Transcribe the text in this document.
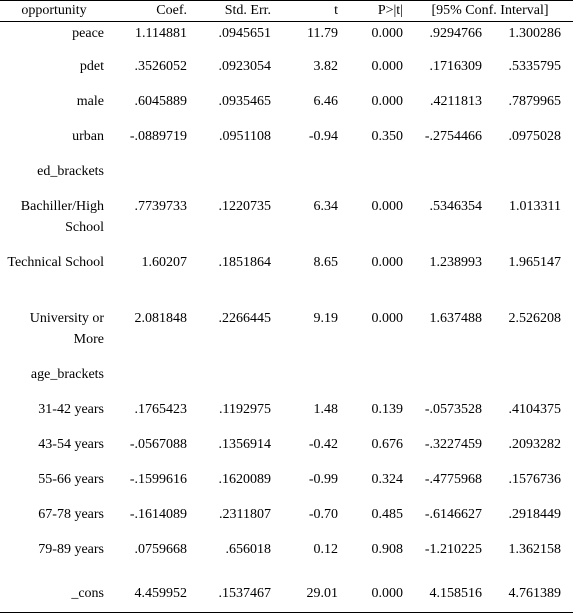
opportunity	Coef.	Std. Err.	t	P>|t|	[95% Conf. Interval]	
peace	1.114881	.0945651	11.79	0.000	.9294766	1.300286
pdet	.3526052	.0923054	3.82	0.000	.1716309	.5335795
male	.6045889	.0935465	6.46	0.000	.4211813	.7879965
urban	-.0889719	.0951108	-0.94	0.350	-.2754466	.0975028
ed_brackets						
Bachiller/High School	.7739733	.1220735	6.34	0.000	.5346354	1.013311
Technical School	1.60207	.1851864	8.65	0.000	1.238993	1.965147
University or More	2.081848	.2266445	9.19	0.000	1.637488	2.526208
age_brackets						
31-42 years	.1765423	.1192975	1.48	0.139	-.0573528	.4104375
43-54 years	-.0567088	.1356914	-0.42	0.676	-.3227459	.2093282
55-66 years	-.1599616	.1620089	-0.99	0.324	-.4775968	.1576736
67-78 years	-.1614089	.2311807	-0.70	0.485	-.6146627	.2918449
79-89 years	.0759668	.656018	0.12	0.908	-1.210225	1.362158
_cons	4.459952	.1537467	29.01	0.000	4.158516	4.761389
